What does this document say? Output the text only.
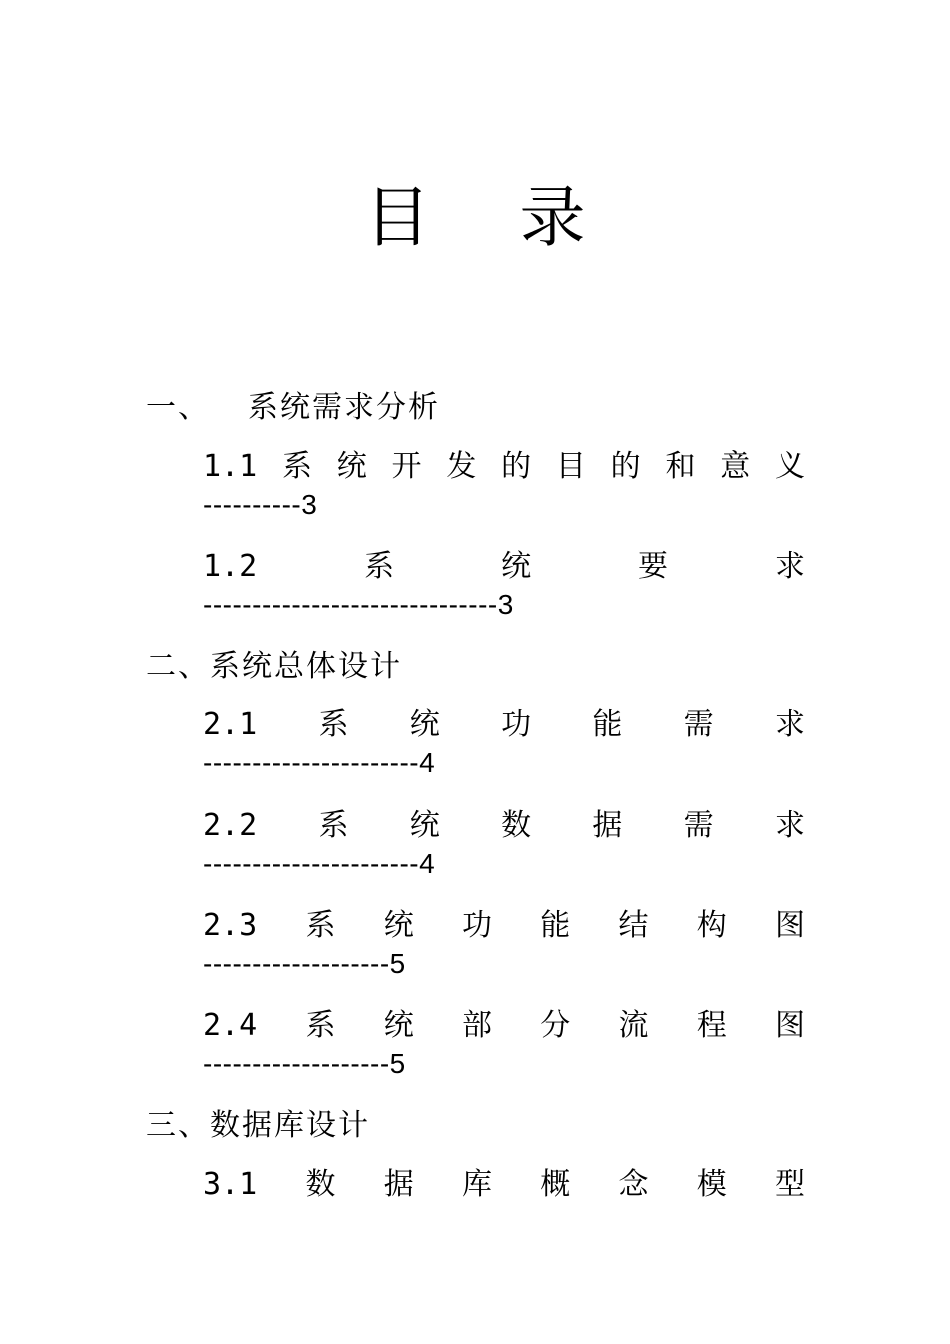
目 录
一、 系统需求分析
1.1 系 统 开 发 的 目 的 和 意 义
----------3
1.2	系	统	要	求
------------------------------3
二、系统总体设计
2.1 系 统 功 能 需 求
----------------------4
2.2 系 统 数 据 需 求
----------------------4
2.3 系 统 功 能 结 构 图
-------------------5
2.4 系 统 部 分 流 程 图
-------------------5
三、数据库设计
3.1 数 据 库 概 念 模 型
